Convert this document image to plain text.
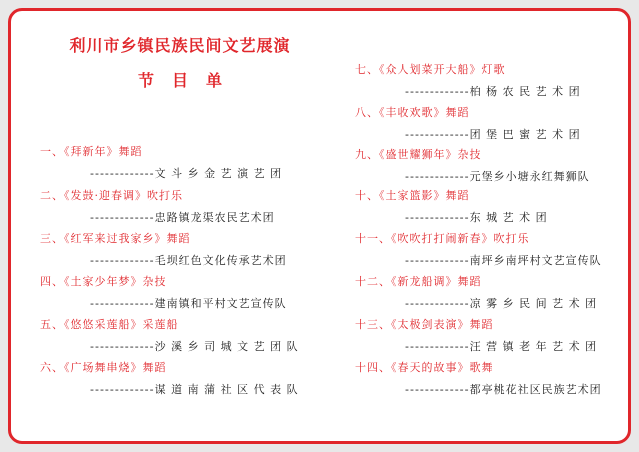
利川市乡镇民族民间文艺展演
节目单
一、《拜新年》舞蹈
-------------文 斗 乡 金 艺 演 艺 团
二、《发鼓·迎春调》吹打乐
-------------忠路镇龙渠农民艺术团
三、《红军来过我家乡》舞蹈
-------------毛坝红色文化传承艺术团
四、《土家少年梦》杂技
-------------建南镇和平村文艺宣传队
五、《悠悠采莲船》采莲船
-------------沙 溪 乡 司 城 文 艺 团 队
六、《广场舞串烧》舞蹈
-------------谋 道 南 蒲 社 区 代 表 队
七、《众人划菜开大船》灯歌
-------------柏 杨 农 民 艺 术 团
八、《丰收欢歌》舞蹈
-------------团 堡 巴 蜜 艺 术 团
九、《盛世耀狮年》杂技
-------------元堡乡小塘永红舞狮队
十、《土家篮影》舞蹈
-------------东 城 艺 术 团
十一、《吹吹打打闹新春》吹打乐
-------------南坪乡南坪村文艺宣传队
十二、《新龙船调》舞蹈
-------------凉 雾 乡 民 间 艺 术 团
十三、《太极剑表演》舞蹈
-------------汪 营 镇 老 年 艺 术 团
十四、《春天的故事》歌舞
-------------都亭桃花社区民族艺术团
